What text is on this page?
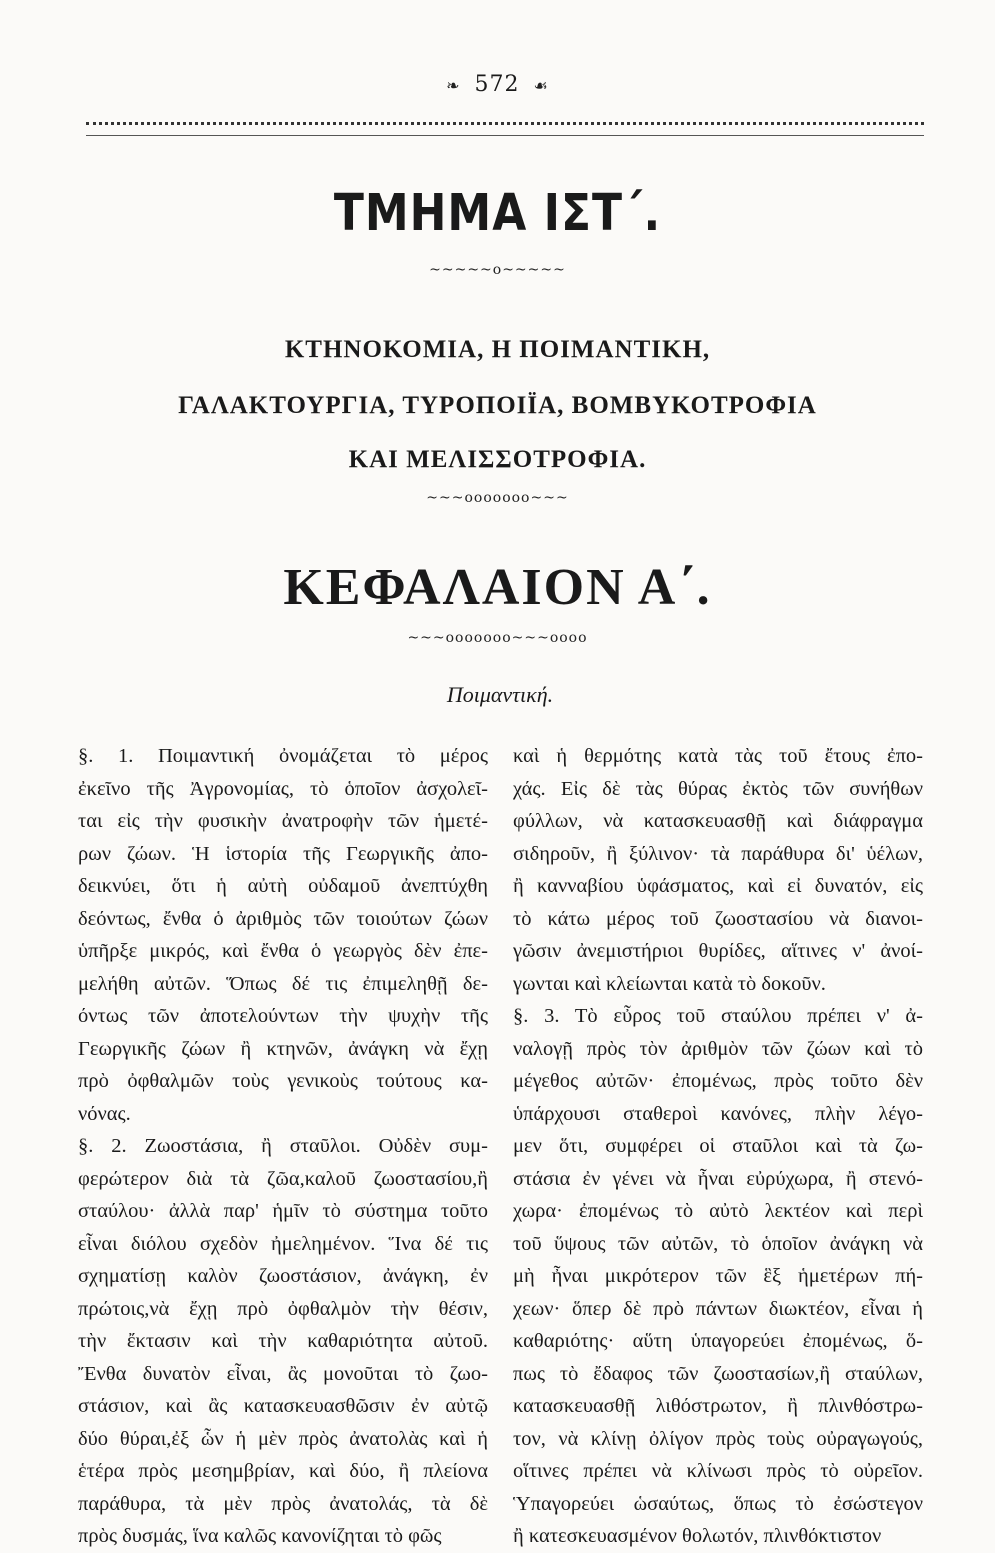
❧ 572 ☙
ΤΜΗΜΑ ΙΣΤ΄.
~~~~~o~~~~~
ΚΤΗΝΟΚΟΜΙΑ, Η ΠΟΙΜΑΝΤΙΚΗ,
ΓΑΛΑΚΤΟΥΡΓΙΑ, ΤΥΡΟΠΟΙΪΑ, ΒΟΜΒΥΚΟΤΡΟΦΙΑ
ΚΑΙ ΜΕΛΙΣΣΟΤΡΟΦΙΑ.
~~~ooooooo~~~
ΚΕΦΑΛΑΙΟΝ Α΄.
~~~ooooooo~~~oooo
Ποιμαντική.
§. 1. Ποιμαντική ὀνομάζεται τὸ μέρος
ἐκεῖνο τῆς Ἀγρονομίας, τὸ ὁποῖον ἀσχολεῖ-
ται εἰς τὴν φυσικὴν ἀνατροφὴν τῶν ἡμετέ-
ρων ζώων. Ἡ ἱστορία τῆς Γεωργικῆς ἀπο-
δεικνύει, ὅτι ἡ αὐτὴ οὐδαμοῦ ἀνεπτύχθη
δεόντως, ἔνθα ὁ ἀριθμὸς τῶν τοιούτων ζώων
ὑπῆρξε μικρός, καὶ ἔνθα ὁ γεωργὸς δὲν ἐπε-
μελήθη αὐτῶν. Ὅπως δέ τις ἐπιμεληθῇ δε-
όντως τῶν ἀποτελούντων τὴν ψυχὴν τῆς
Γεωργικῆς ζώων ἢ κτηνῶν, ἀνάγκη νὰ ἔχῃ
πρὸ ὀφθαλμῶν τοὺς γενικοὺς τούτους κα-
νόνας.
§. 2. Ζωοστάσια, ἢ σταῦλοι. Οὐδὲν συμ-
φερώτερον διὰ τὰ ζῶα,καλοῦ ζωοστασίου,ἢ
σταύλου· ἀλλὰ παρ' ἡμῖν τὸ σύστημα τοῦτο
εἶναι διόλου σχεδὸν ἠμελημένον. Ἵνα δέ τις
σχηματίσῃ καλὸν ζωοστάσιον, ἀνάγκη, ἐν
πρώτοις,νὰ ἔχῃ πρὸ ὀφθαλμὸν τὴν θέσιν,
τὴν ἔκτασιν καὶ τὴν καθαριότητα αὐτοῦ.
Ἔνθα δυνατὸν εἶναι, ἂς μονοῦται τὸ ζωο-
στάσιον, καὶ ἂς κατασκευασθῶσιν ἐν αὐτῷ
δύο θύραι,ἐξ ὧν ἡ μὲν πρὸς ἀνατολὰς καὶ ἡ
ἑτέρα πρὸς μεσημβρίαν, καὶ δύο, ἢ πλείονα
παράθυρα, τὰ μὲν πρὸς ἀνατολάς, τὰ δὲ
πρὸς δυσμάς, ἵνα καλῶς κανονίζηται τὸ φῶς
καὶ ἡ θερμότης κατὰ τὰς τοῦ ἔτους ἐπο-
χάς. Εἰς δὲ τὰς θύρας ἐκτὸς τῶν συνήθων
φύλλων, νὰ κατασκευασθῇ καὶ διάφραγμα
σιδηροῦν, ἢ ξύλινον· τὰ παράθυρα δι' ὑέλων,
ἢ κανναβίου ὑφάσματος, καὶ εἰ δυνατόν, εἰς
τὸ κάτω μέρος τοῦ ζωοστασίου νὰ διανοι-
γῶσιν ἀνεμιστήριοι θυρίδες, αἵτινες ν' ἀνοί-
γωνται καὶ κλείωνται κατὰ τὸ δοκοῦν.
§. 3. Τὸ εὖρος τοῦ σταύλου πρέπει ν' ἀ-
ναλογῇ πρὸς τὸν ἀριθμὸν τῶν ζώων καὶ τὸ
μέγεθος αὐτῶν· ἐπομένως, πρὸς τοῦτο δὲν
ὑπάρχουσι σταθεροὶ κανόνες, πλὴν λέγο-
μεν ὅτι, συμφέρει οἱ σταῦλοι καὶ τὰ ζω-
στάσια ἐν γένει νὰ ἦναι εὐρύχωρα, ἢ στενό-
χωρα· ἐπομένως τὸ αὐτὸ λεκτέον καὶ περὶ
τοῦ ὕψους τῶν αὐτῶν, τὸ ὁποῖον ἀνάγκη νὰ
μὴ ἦναι μικρότερον τῶν ἓξ ἡμετέρων πή-
χεων· ὅπερ δὲ πρὸ πάντων διωκτέον, εἶναι ἡ
καθαριότης· αὕτη ὑπαγορεύει ἐπομένως, ὅ-
πως τὸ ἔδαφος τῶν ζωοστασίων,ἢ σταύλων,
κατασκευασθῇ λιθόστρωτον, ἢ πλινθόστρω-
τον, νὰ κλίνῃ ὀλίγον πρὸς τοὺς οὐραγωγούς,
οἵτινες πρέπει νὰ κλίνωσι πρὸς τὸ οὐρεῖον.
Ὑπαγορεύει ὡσαύτως, ὅπως τὸ ἐσώστεγον
ἢ κατεσκευασμένον θολωτόν, πλινθόκτιστον
